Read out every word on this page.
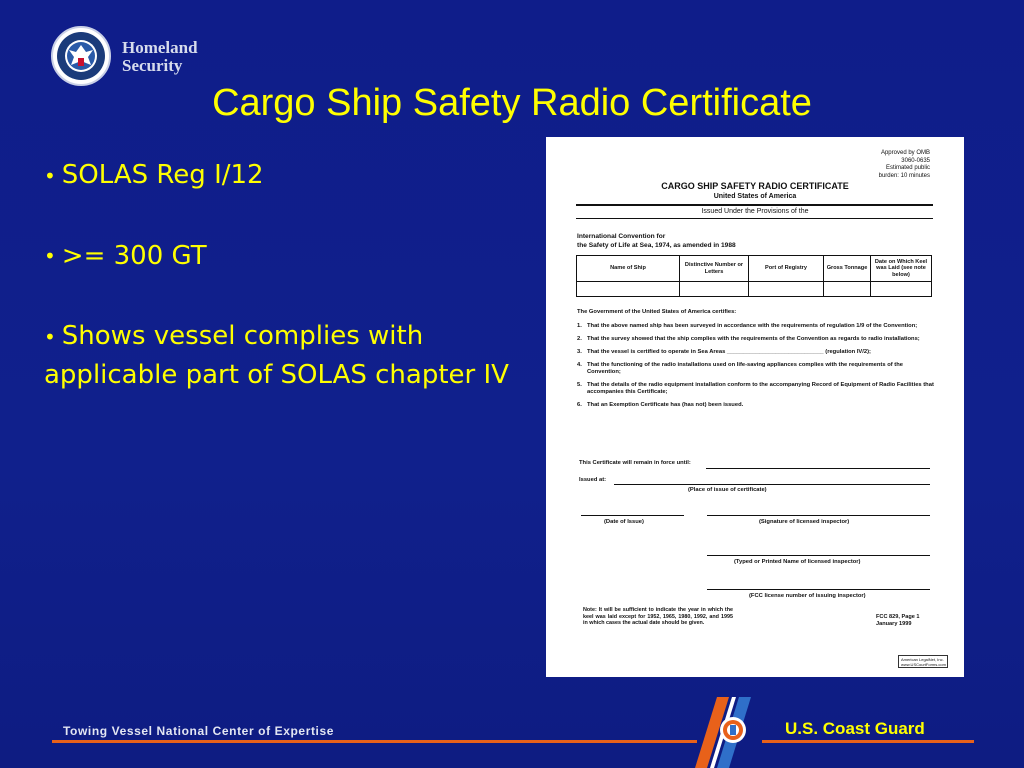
Homeland
Security
Cargo Ship Safety Radio Certificate
• SOLAS Reg I/12
• >= 300 GT
• Shows vessel complies with applicable part of SOLAS chapter IV
Approved by OMB
3060-0635
Estimated public
burden: 10 minutes
CARGO SHIP SAFETY RADIO CERTIFICATE
United States of America
Issued Under the Provisions of the
International Convention for
the Safety of Life at Sea, 1974, as amended in 1988
Name of Ship	Distinctive Number or Letters	Port of Registry	Gross Tonnage	Date on Which Keel was Laid (see note below)

The Government of the United States of America certifies:
1. That the above named ship has been surveyed in accordance with the requirements of regulation 1/9 of the Convention;
2. That the survey showed that the ship complies with the requirements of the Convention as regards to radio installations;
3. That the vessel is certified to operate in Sea Areas ______________________________ (regulation IV/2);
4. That the functioning of the radio installations used on life-saving appliances complies with the requirements of the Convention;
5. That the details of the radio equipment installation conform to the accompanying Record of Equipment of Radio Facilities that accompanies this Certificate;
6. That an Exemption Certificate has (has not) been issued.
This Certificate will remain in force until:
Issued at:
(Place of issue of certificate)
(Date of Issue)	(Signature of licensed inspector)
(Typed or Printed Name of licensed inspector)
(FCC license number of issuing inspector)
Note: It will be sufficient to indicate the year in which the keel was laid except for 1952, 1965, 1980, 1992, and 1995 in which cases the actual date should be given.
FCC 829, Page 1
January 1999
American LegalNet, Inc.
www.USCourtForms.com
Towing Vessel National Center of Expertise	U.S. Coast Guard
